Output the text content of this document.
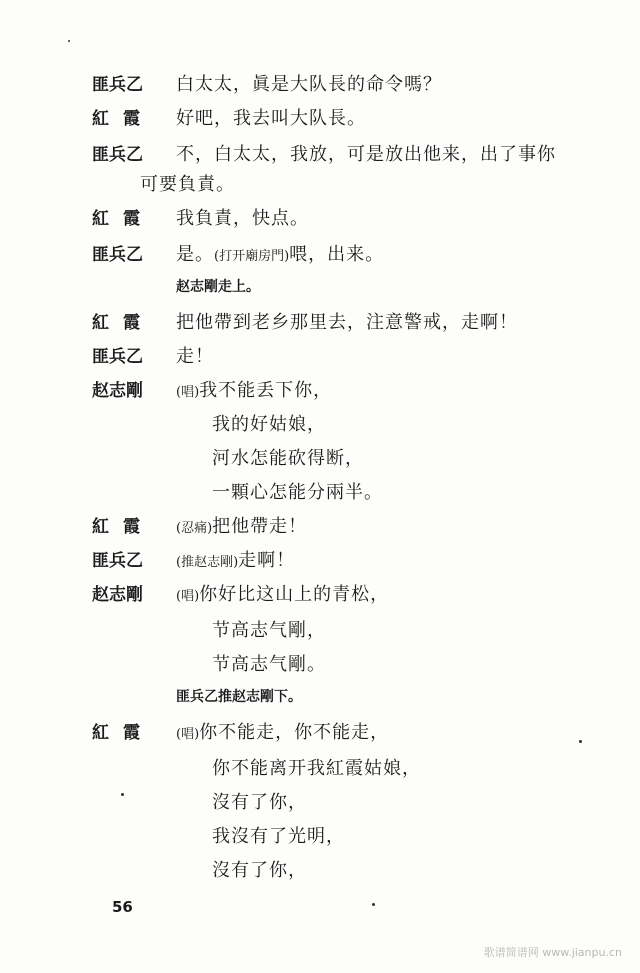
匪兵乙 白太太，眞是大队長的命令嗎？
紅霞 好吧，我去叫大队長。
匪兵乙 不，白太太，我放，可是放出他来，出了事你
可要負責。
紅霞 我負責，快点。
匪兵乙 是。(打开廟房門)喂，出来。
赵志剛走上。
紅霞 把他帶到老乡那里去，注意警戒，走啊！
匪兵乙 走！
赵志剛	(唱)我不能丢下你，
我的好姑娘，
河水怎能砍得断，
一顆心怎能分兩半。
紅霞 (忍痛)把他帶走！
匪兵乙	(推赵志剛)走啊！
赵志剛	(唱)你好比这山上的青松，
节高志气剛，
节高志气剛。
匪兵乙推赵志剛下。
紅霞 (唱)你不能走，你不能走，
你不能离开我紅霞姑娘，
沒有了你，
我沒有了光明，
沒有了你，
56
歌谱简谱网 www.jianpu.cn
